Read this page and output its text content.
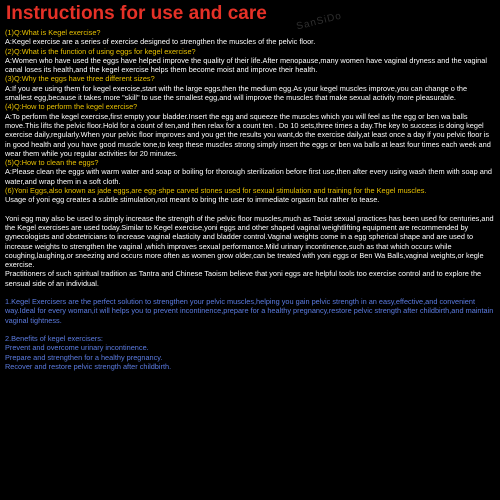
Instructions for use and care	SanSiDo

(1)Q:What is Kegel exercise?

A:Kegel exercise are a series of exercise designed to strengthen the muscles of the pelvic floor.

(2)Q:What is the function of using eggs for kegel exercise?

A:Women who have used the eggs have helped improve the quality of their life.After menopause,many women have vaginal dryness and the vaginal canal loses its health,and the kegel exercise helps them become moist and improve their health.

(3)Q:Why the eggs have three different sizes?

A:If you are using them for kegel exercise,start with the large eggs,then the medium egg.As your kegel muscles improve,you can change o the smallest egg,because it takes more "skill" to use the smallest egg,and will improve the muscles that make sexual activity more pleasurable.

(4)Q:How to perform the kegel exercise?

A:To perform the kegel exercise,first empty your bladder.Insert the egg and squeeze the muscles which you will feel as the egg or ben wa balls move.This lifts the pelvic floor.Hold for a count of ten,and then relax for a count ten . Do 10 sets,three times a day.The key to success is doing kegel exercise daily,regularly.When your pelvic floor improves and you get the results you want,do the exercise daily,at least once a day if you pelvic floor is in good health and you have good muscle tone,to keep these muscles strong simply insert the eggs or ben wa balls at least four times each week and wear them while you regular activities for 20 minutes.

(5)Q:How to clean the eggs?

A:Please clean the eggs with warm water and soap or boiling for thorough sterilization before first use,then after every using wash them with soap and water,and wrap them in a soft cloth.

(6)Yoni Eggs,also known as jade eggs,are egg-shpe carved stones used for sexual stimulation and training for the Kegel muscles.

Usage of yoni egg creates a subtle stimulation,not meant to bring the user to immediate orgasm but rather to tease.

Yoni egg may also be used to simply increase the strength of the pelvic floor muscles,much as Taoist sexual practices has been used for centuries,and the Kegel exercises are used today.Similar to Kegel exercise,yoni eggs and other shaped vaginal weightlifting equipment are recommended by gynecologists and obstetricians to increase vaginal elasticity and bladder control.Vaginal weights come in a egg spherical shape and are used to increase weights to strengthen the vaginal ,which improves sexual performance.Mild urinary incontinence,such as that which occurs while coughing,laughing,or sneezing and occurs more often as women grow older,can be treated with yoni eggs or Ben Wa Balls,vaginal weights,or kegle exercise.

Practitioners of such spiritual tradition as Tantra and Chinese Taoism believe that yoni eggs are helpful tools too exercise control and to explore the sensual side of an individual.

1.Kegel Exercisers are the perfect solution to strengthen your pelvic muscles,helping you gain pelvic strength in an easy,effective,and convenient way.Ideal for every woman,it will helps you to prevent incontinence,prepare for a healthy pregnancy,restore pelvic strength after childbirth,and maintain vaginal tightness.

2.Benefits of kegel exercisers:

Prevent and overcome urinary incontinence.

Prepare and strengthen for a healthy pregnancy.

Recover and restore pelvic strength after childbirth.
